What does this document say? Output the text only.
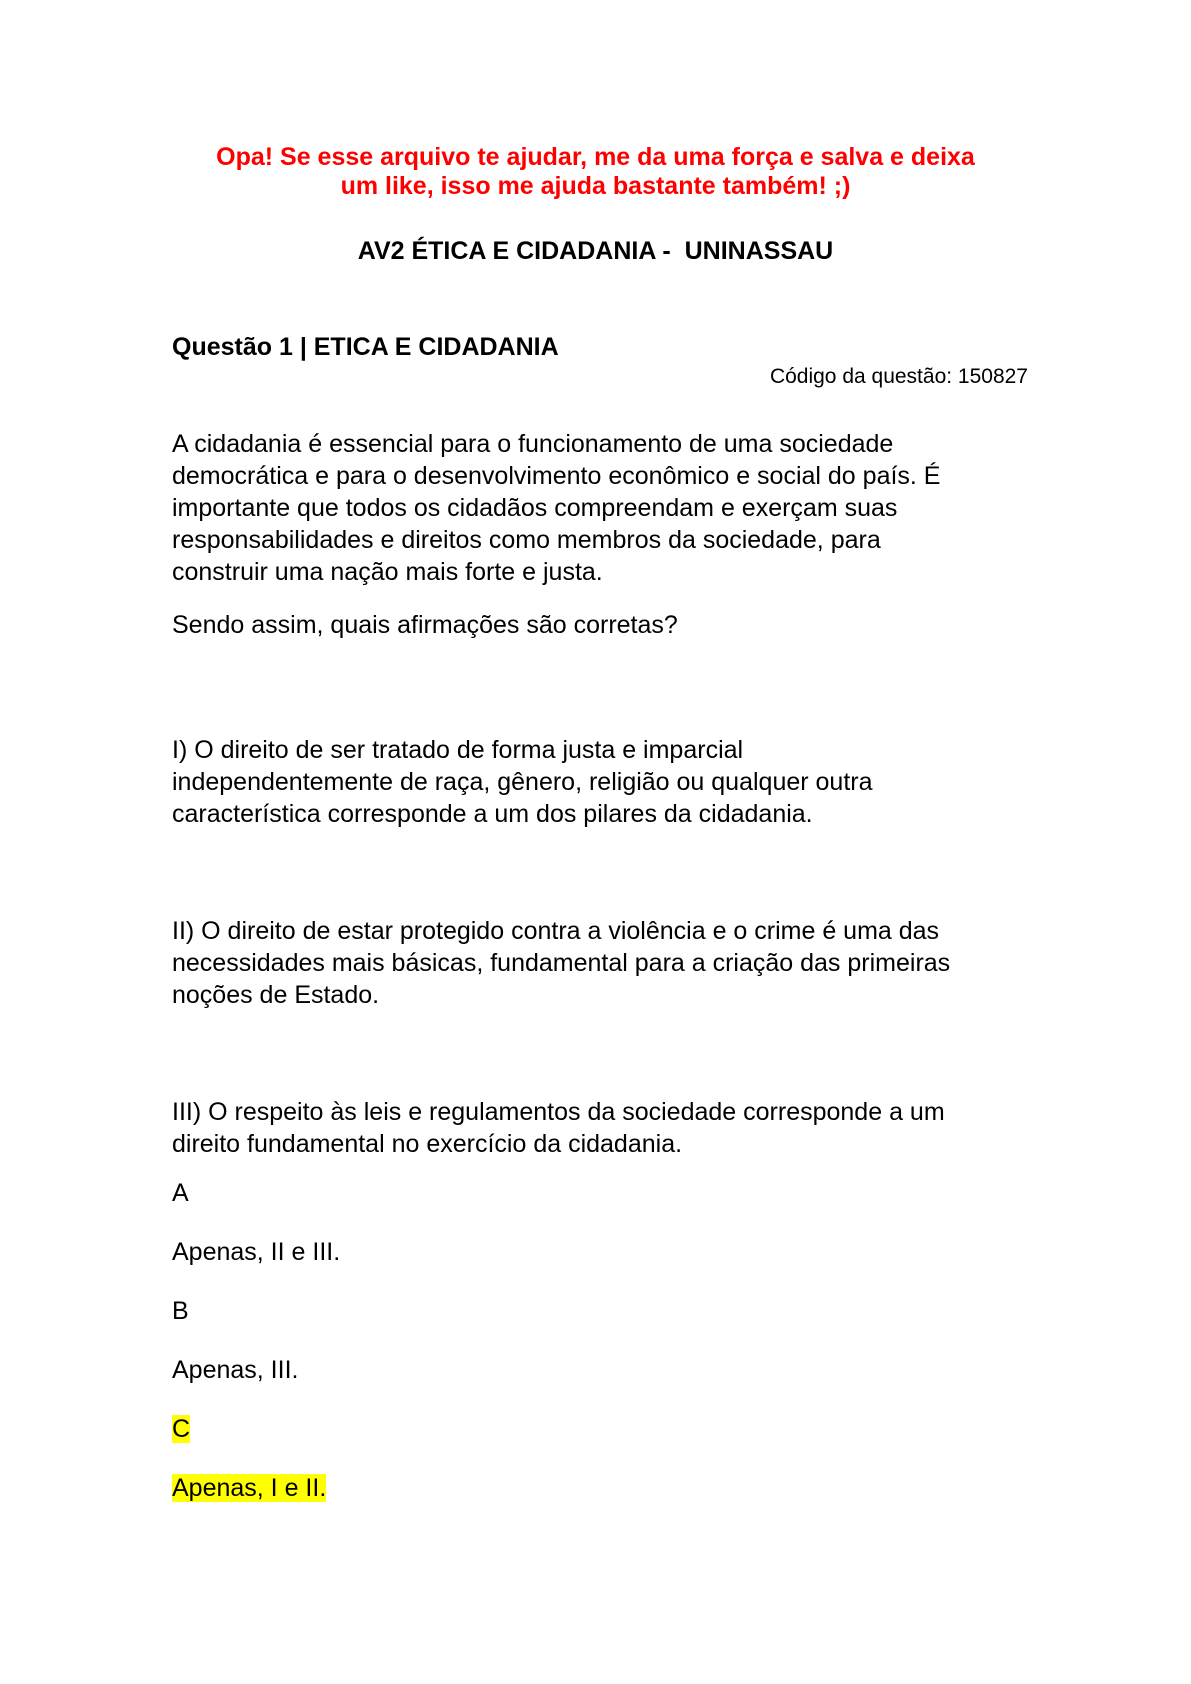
Opa! Se esse arquivo te ajudar, me da uma força e salva e deixa
um like, isso me ajuda bastante também! ;)
AV2 ÉTICA E CIDADANIA -  UNINASSAU
Questão 1 | ETICA E CIDADANIA
Código da questão: 150827

A cidadania é essencial para o funcionamento de uma sociedade
democrática e para o desenvolvimento econômico e social do país. É
importante que todos os cidadãos compreendam e exerçam suas
responsabilidades e direitos como membros da sociedade, para
construir uma nação mais forte e justa.

Sendo assim, quais afirmações são corretas?

I) O direito de ser tratado de forma justa e imparcial
independentemente de raça, gênero, religião ou qualquer outra
característica corresponde a um dos pilares da cidadania.

II) O direito de estar protegido contra a violência e o crime é uma das
necessidades mais básicas, fundamental para a criação das primeiras
noções de Estado.

III) O respeito às leis e regulamentos da sociedade corresponde a um
direito fundamental no exercício da cidadania.

A
Apenas, II e III.
B
Apenas, III.
C
Apenas, I e II.
